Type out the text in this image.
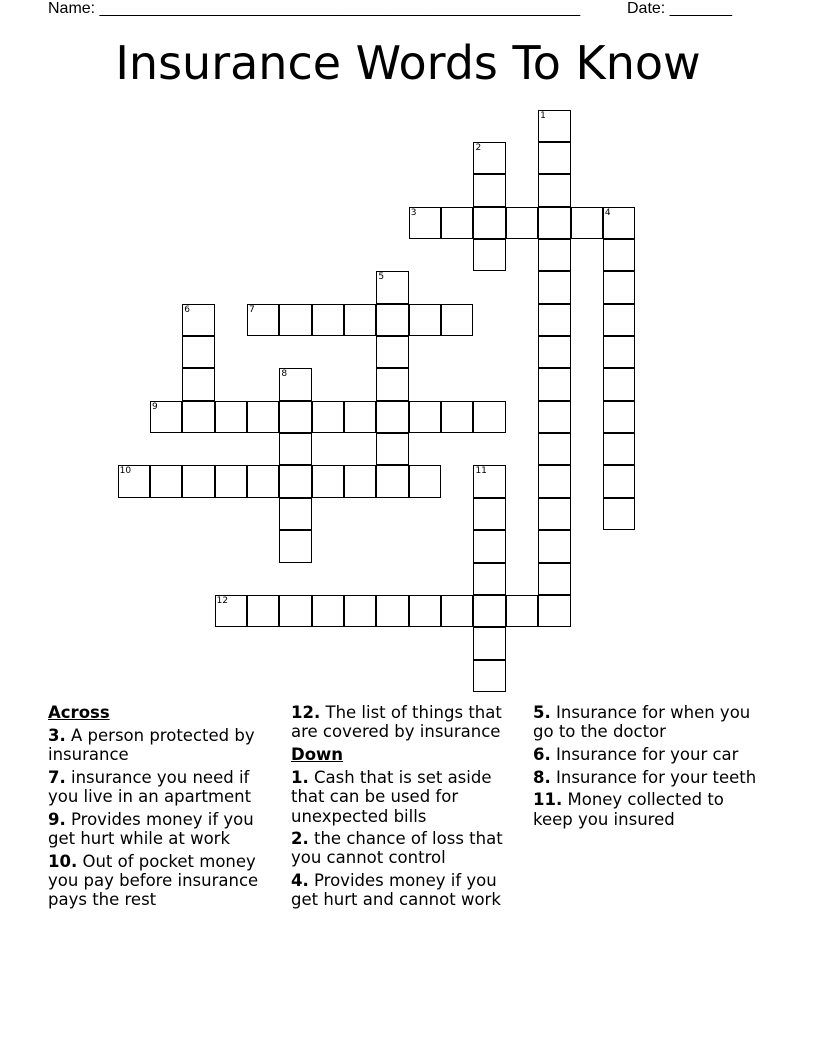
Name: ______________________________________________________	Date: _______
Insurance Words To Know
3	4
7
9
10
12
1
2
5
6
8
11
Across
3. A person protected by insurance
7. insurance you need if you live in an apartment
9. Provides money if you get hurt while at work
10. Out of pocket money you pay before insurance pays the rest
12. The list of things that are covered by insurance
Down
1. Cash that is set aside that can be used for unexpected bills
2. the chance of loss that you cannot control
4. Provides money if you get hurt and cannot work
5. Insurance for when you go to the doctor
6. Insurance for your car
8. Insurance for your teeth
11. Money collected to keep you insured
